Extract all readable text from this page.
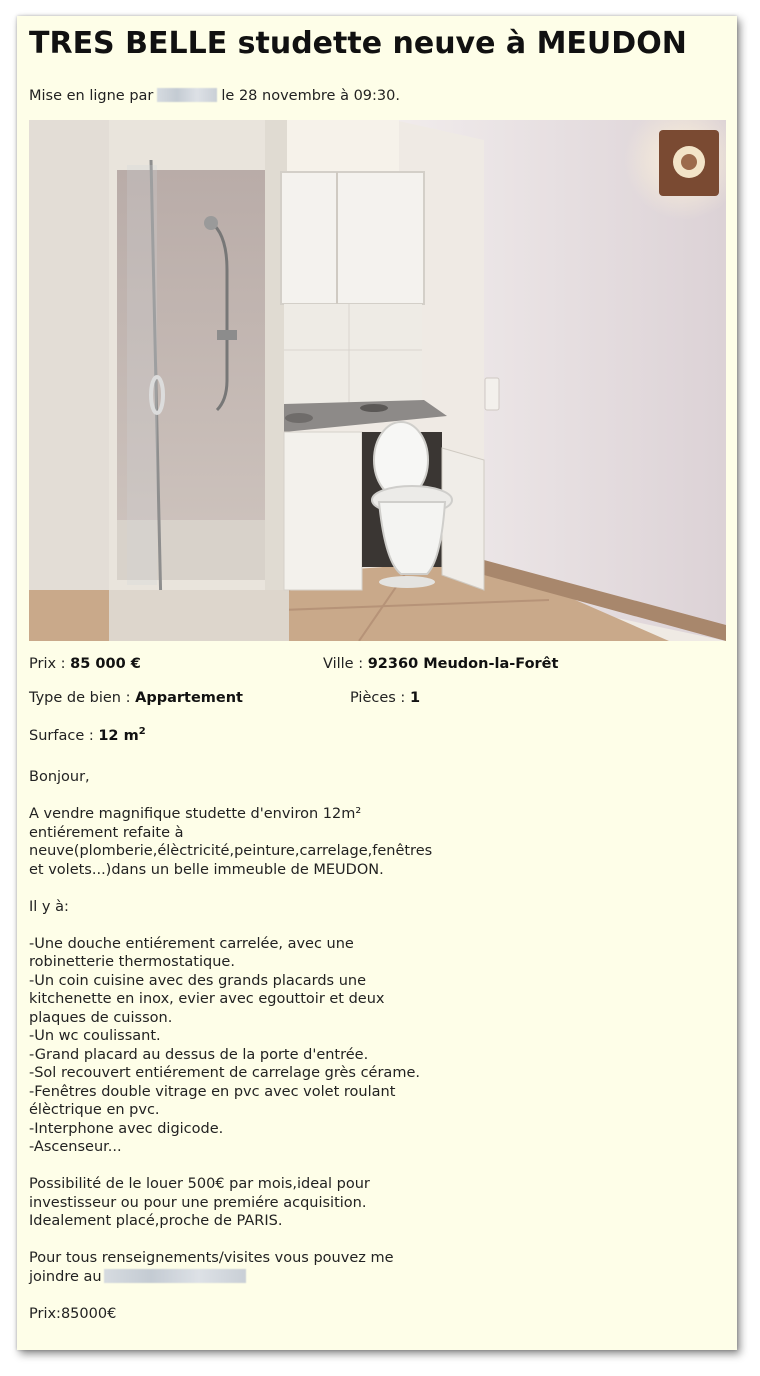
TRES BELLE studette neuve à MEUDON
Mise en ligne par	le 28 novembre à 09:30.
Prix : 85 000 €	Ville : 92360 Meudon-la-Forêt
Type de bien : Appartement	Pièces : 1
Surface : 12 $m^2$

Bonjour,

A vendre magnifique studette d'environ 12m²
entiérement refaite à
neuve(plomberie,élèctricité,peinture,carrelage,fenêtres
et volets...)dans un belle immeuble de MEUDON.

Il y à:

-Une douche entiérement carrelée, avec une
robinetterie thermostatique.
-Un coin cuisine avec des grands placards une
kitchenette en inox, evier avec egouttoir et deux
plaques de cuisson.
-Un wc coulissant.
-Grand placard au dessus de la porte d'entrée.
-Sol recouvert entiérement de carrelage grès cérame.
-Fenêtres double vitrage en pvc avec volet roulant
élèctrique en pvc.
-Interphone avec digicode.
-Ascenseur...

Possibilité de le louer 500€ par mois,ideal pour
investisseur ou pour une premiére acquisition.
Idealement placé,proche de PARIS.

Pour tous renseignements/visites vous pouvez me
joindre au

Prix:85000€
